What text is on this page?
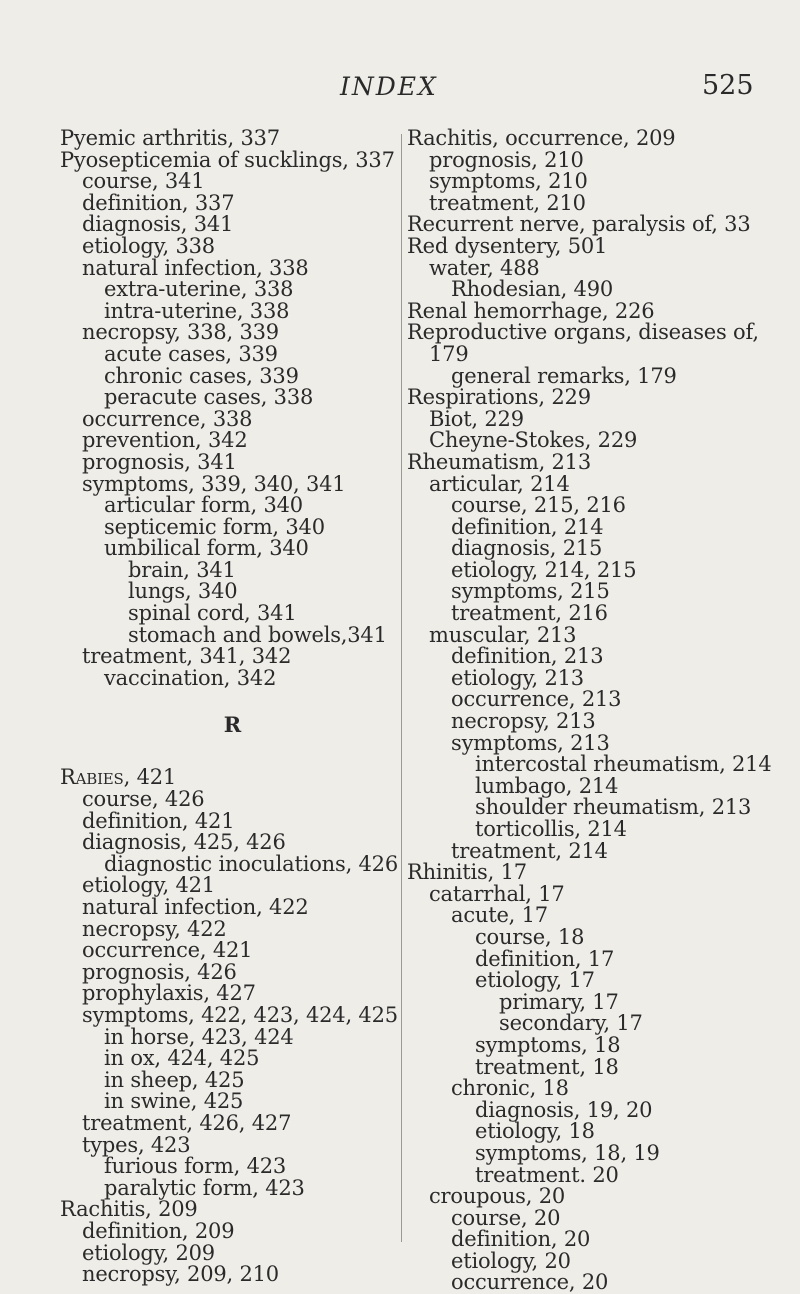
INDEX	525
Pyemic arthritis, 337
Pyosepticemia of sucklings, 337
course, 341
definition, 337
diagnosis, 341
etiology, 338
natural infection, 338
extra-uterine, 338
intra-uterine, 338
necropsy, 338, 339
acute cases, 339
chronic cases, 339
peracute cases, 338
occurrence, 338
prevention, 342
prognosis, 341
symptoms, 339, 340, 341
articular form, 340
septicemic form, 340
umbilical form, 340
brain, 341
lungs, 340
spinal cord, 341
stomach and bowels,341
treatment, 341, 342
vaccination, 342
R
Rabies, 421
course, 426
definition, 421
diagnosis, 425, 426
diagnostic inoculations, 426
etiology, 421
natural infection, 422
necropsy, 422
occurrence, 421
prognosis, 426
prophylaxis, 427
symptoms, 422, 423, 424, 425
in horse, 423, 424
in ox, 424, 425
in sheep, 425
in swine, 425
treatment, 426, 427
types, 423
furious form, 423
paralytic form, 423
Rachitis, 209
definition, 209
etiology, 209
necropsy, 209, 210
Rachitis, occurrence, 209
prognosis, 210
symptoms, 210
treatment, 210
Recurrent nerve, paralysis of, 33
Red dysentery, 501
water, 488
Rhodesian, 490
Renal hemorrhage, 226
Reproductive organs, diseases of,
179
general remarks, 179
Respirations, 229
Biot, 229
Cheyne-Stokes, 229
Rheumatism, 213
articular, 214
course, 215, 216
definition, 214
diagnosis, 215
etiology, 214, 215
symptoms, 215
treatment, 216
muscular, 213
definition, 213
etiology, 213
occurrence, 213
necropsy, 213
symptoms, 213
intercostal rheumatism, 214
lumbago, 214
shoulder rheumatism, 213
torticollis, 214
treatment, 214
Rhinitis, 17
catarrhal, 17
acute, 17
course, 18
definition, 17
etiology, 17
primary, 17
secondary, 17
symptoms, 18
treatment, 18
chronic, 18
diagnosis, 19, 20
etiology, 18
symptoms, 18, 19
treatment. 20
croupous, 20
course, 20
definition, 20
etiology, 20
occurrence, 20
